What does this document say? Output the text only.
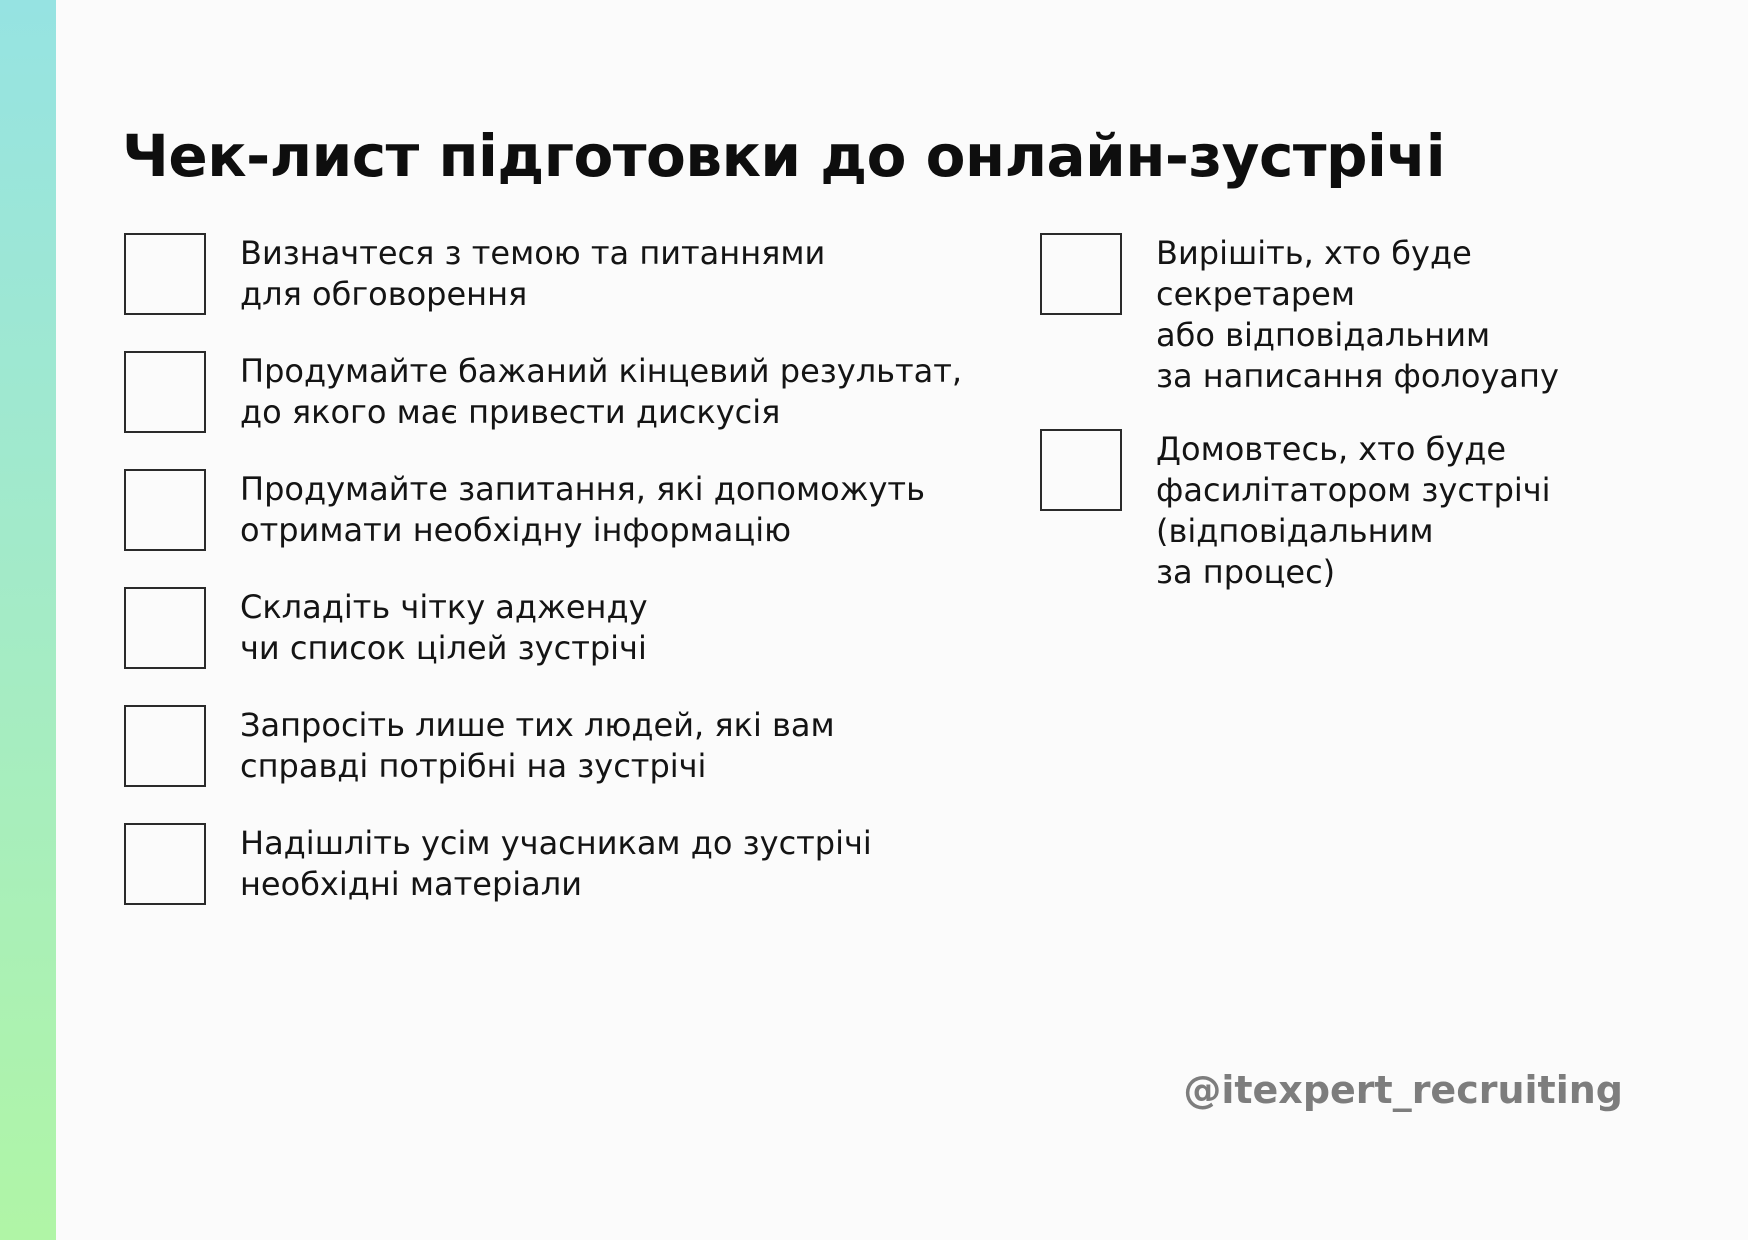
Чек-лист підготовки до онлайн-зустрічі
Визначтеся з темою та питаннями
для обговорення
Продумайте бажаний кінцевий результат,
до якого має привести дискусія
Продумайте запитання, які допоможуть
отримати необхідну інформацію
Складіть чітку адженду
чи список цілей зустрічі
Запросіть лише тих людей, які вам
справді потрібні на зустрічі
Надішліть усім учасникам до зустрічі
необхідні матеріали
Вирішіть, хто буде
секретарем
або відповідальним
за написання фолоуапу
Домовтесь, хто буде
фасилітатором зустрічі
(відповідальним
за процес)
@itexpert_recruiting
